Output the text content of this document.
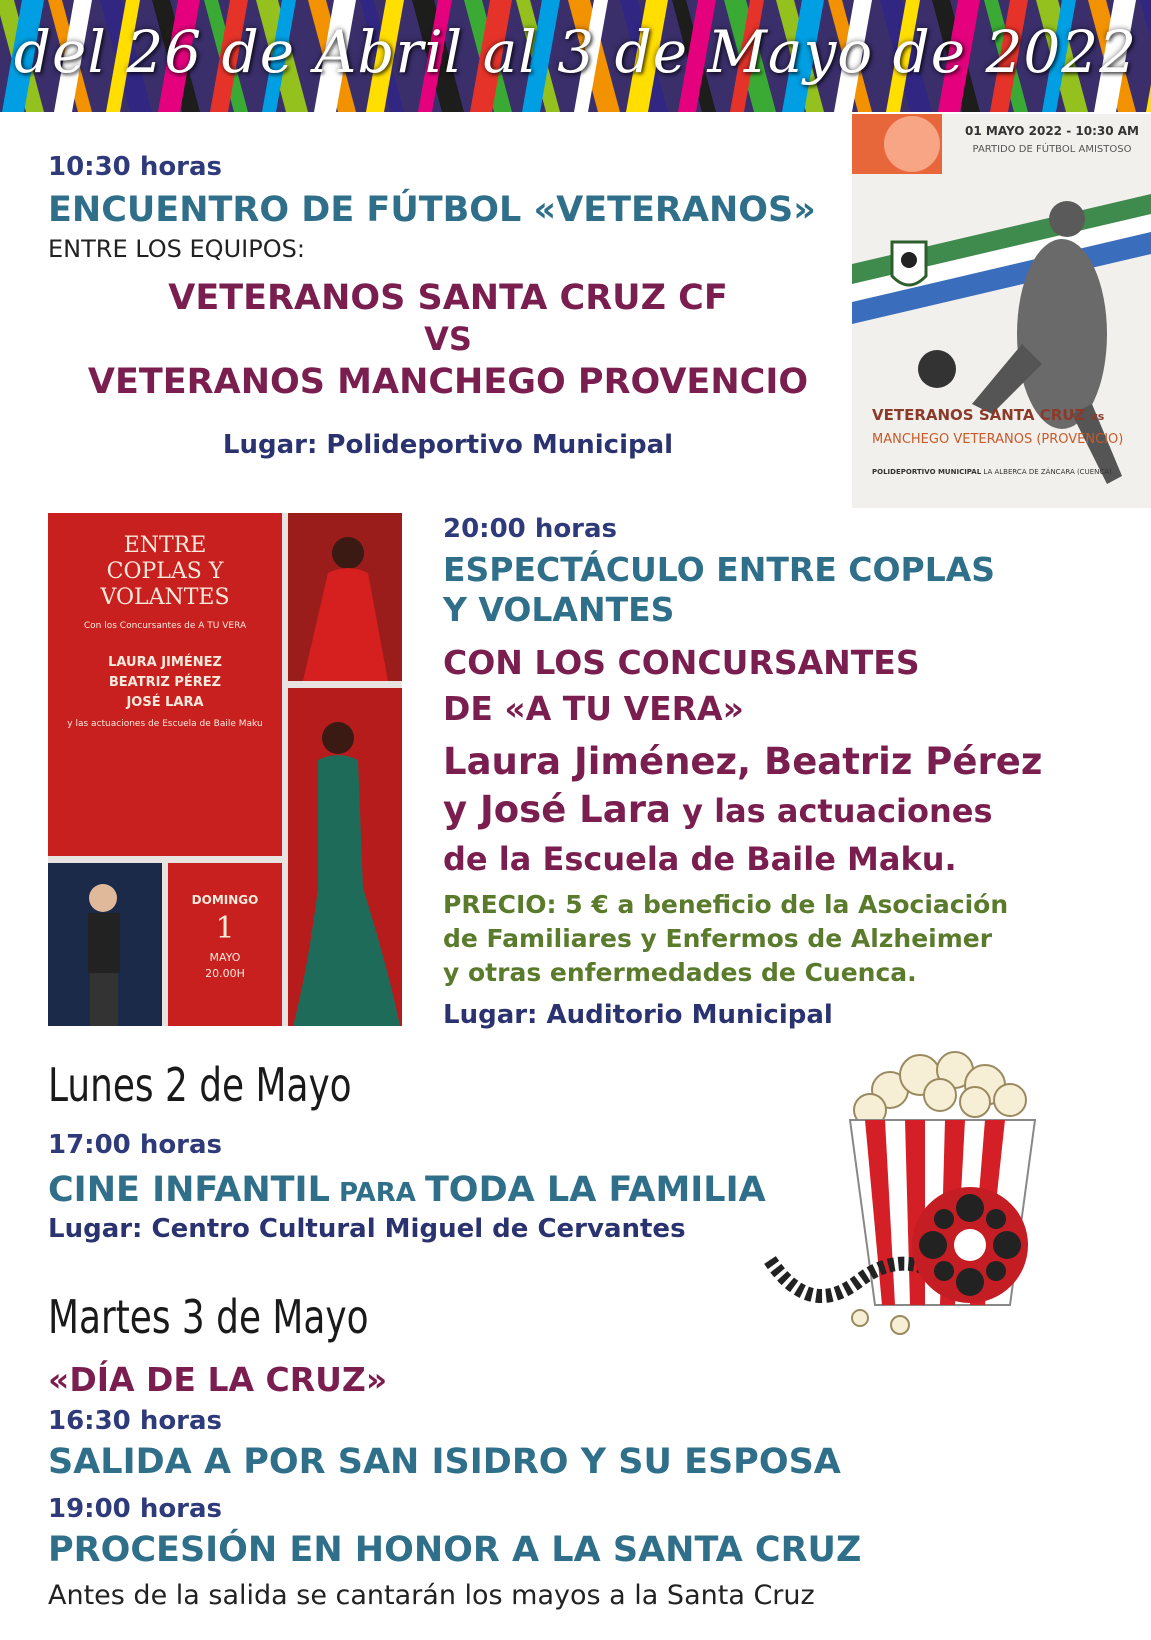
del 26 de Abril al 3 de Mayo de 2022
10:30 horas
ENCUENTRO DE FÚTBOL «VETERANOS»
ENTRE LOS EQUIPOS:
VETERANOS SANTA CRUZ CF
VS
VETERANOS MANCHEGO PROVENCIO
Lugar: Polideportivo Municipal
01 MAYO 2022 - 10:30 AM
PARTIDO DE FÚTBOL AMISTOSO
VETERANOS SANTA CRUZ vs
MANCHEGO VETERANOS (PROVENCIO)
POLIDEPORTIVO MUNICIPAL LA ALBERCA DE ZÁNCARA (CUENCA)
ENTRE
COPLAS Y
VOLANTES
Con los Concursantes de A TU VERA
LAURA JIMÉNEZ
BEATRIZ PÉREZ
JOSÉ LARA
y las actuaciones de Escuela de Baile Maku
DOMINGO
1
MAYO
20.00H
20:00 horas
ESPECTÁCULO ENTRE COPLAS
Y VOLANTES
CON LOS CONCURSANTES
DE «A TU VERA»
Laura Jiménez, Beatriz Pérez
y José Lara y las actuaciones
de la Escuela de Baile Maku.
PRECIO: 5 € a beneficio de la Asociación
de Familiares y Enfermos de Alzheimer
y otras enfermedades de Cuenca.
Lugar: Auditorio Municipal
Lunes 2 de Mayo
17:00 horas
CINE INFANTIL PARA TODA LA FAMILIA
Lugar: Centro Cultural Miguel de Cervantes
Martes 3 de Mayo
«DÍA DE LA CRUZ»
16:30 horas
SALIDA A POR SAN ISIDRO Y SU ESPOSA
19:00 horas
PROCESIÓN EN HONOR A LA SANTA CRUZ
Antes de la salida se cantarán los mayos a la Santa Cruz
